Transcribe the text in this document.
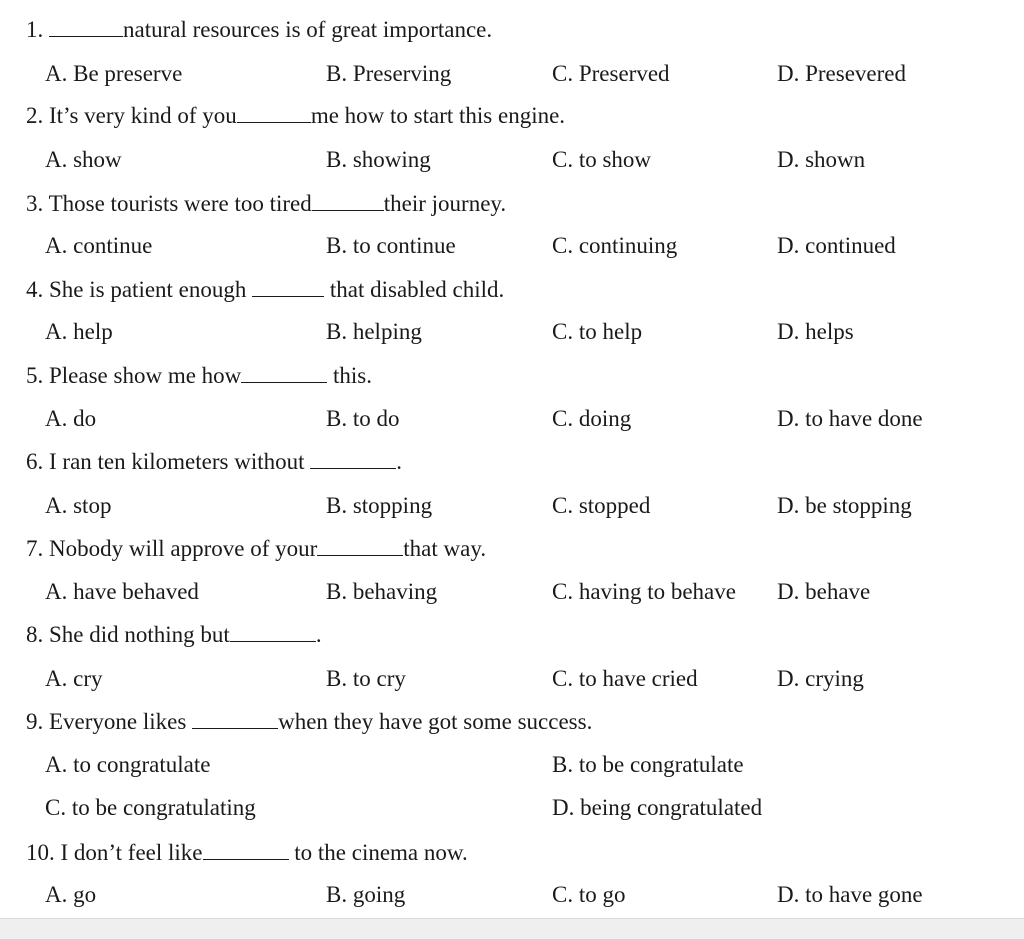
1.	natural resources is of great importance.
A. Be preserve	B. Preserving	C. Preserved	D. Presevered
2. It’s very kind of you	me how to start this engine.
A. show	B. showing	C. to show	D. shown
3. Those tourists were too tired	their journey.
A. continue	B. to continue	C. continuing	D. continued
4. She is patient enough	that disabled child.
A. help	B. helping	C. to help	D. helps
5. Please show me how	this.
A. do	B. to do	C. doing	D. to have done
6. I ran ten kilometers without	.
A. stop	B. stopping	C. stopped	D. be stopping
7. Nobody will approve of your	that way.
A. have behaved	B. behaving	C. having to behave D. behave
8. She did nothing but	.
A. cry	B. to cry	C. to have cried	D. crying
9. Everyone likes	when they have got some success.
A. to congratulate	B. to be congratulate
C. to be congratulating	D. being congratulated
10. I don’t feel like	to the cinema now.
A. go	B. going	C. to go	D. to have gone
